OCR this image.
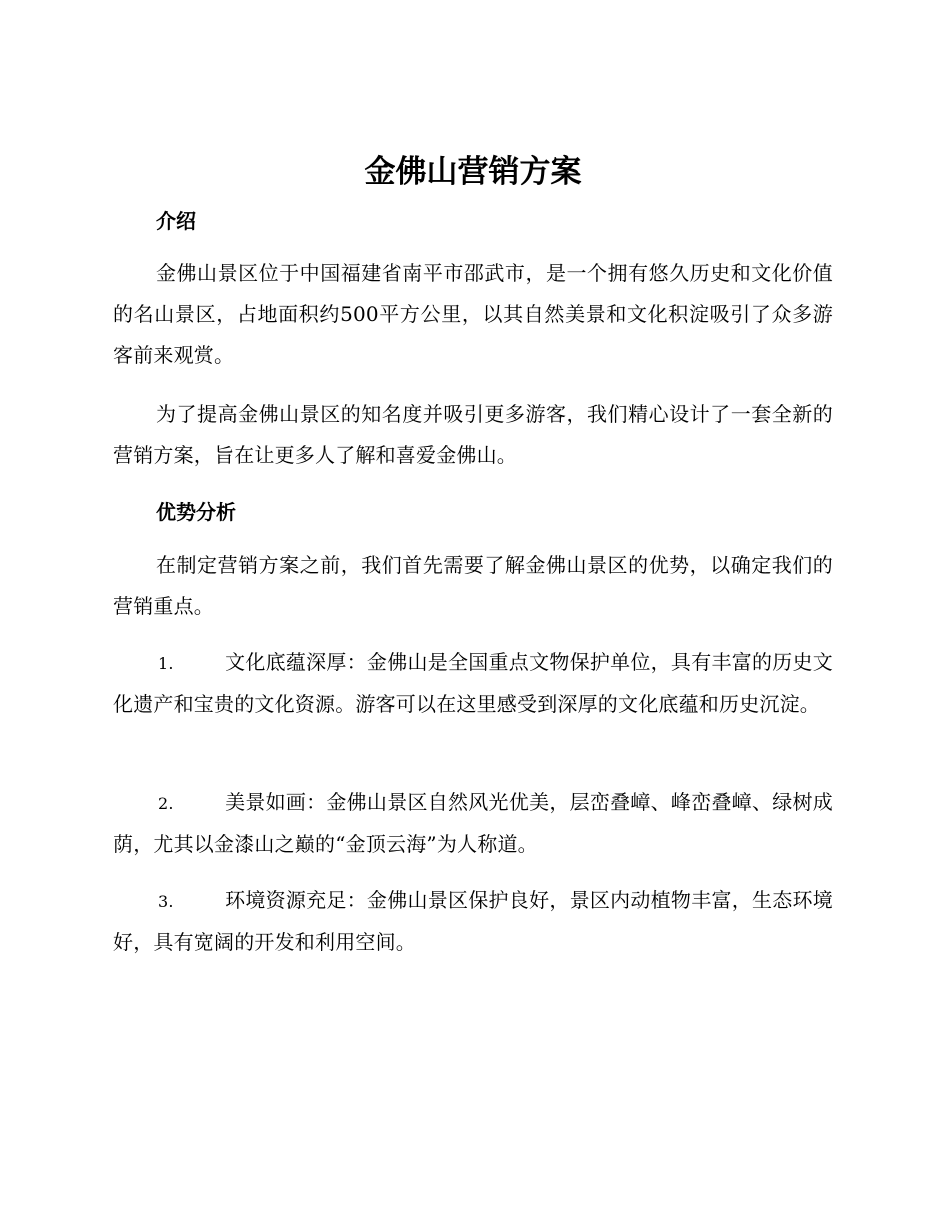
金佛山营销方案
介绍

金佛山景区位于中国福建省南平市邵武市，是一个拥有悠久历史和文化价值的名山景区，占地面积约500平方公里，以其自然美景和文化积淀吸引了众多游客前来观赏。

为了提高金佛山景区的知名度并吸引更多游客，我们精心设计了一套全新的营销方案，旨在让更多人了解和喜爱金佛山。

优势分析

在制定营销方案之前，我们首先需要了解金佛山景区的优势，以确定我们的营销重点。

1.	文化底蕴深厚：金佛山是全国重点文物保护单位，具有丰富的历史文化遗产和宝贵的文化资源。游客可以在这里感受到深厚的文化底蕴和历史沉淀。
2.	美景如画：金佛山景区自然风光优美，层峦叠嶂、峰峦叠嶂、绿树成荫，尤其以金漆山之巅的“金顶云海”为人称道。
3.	环境资源充足：金佛山景区保护良好，景区内动植物丰富，生态环境好，具有宽阔的开发和利用空间。
